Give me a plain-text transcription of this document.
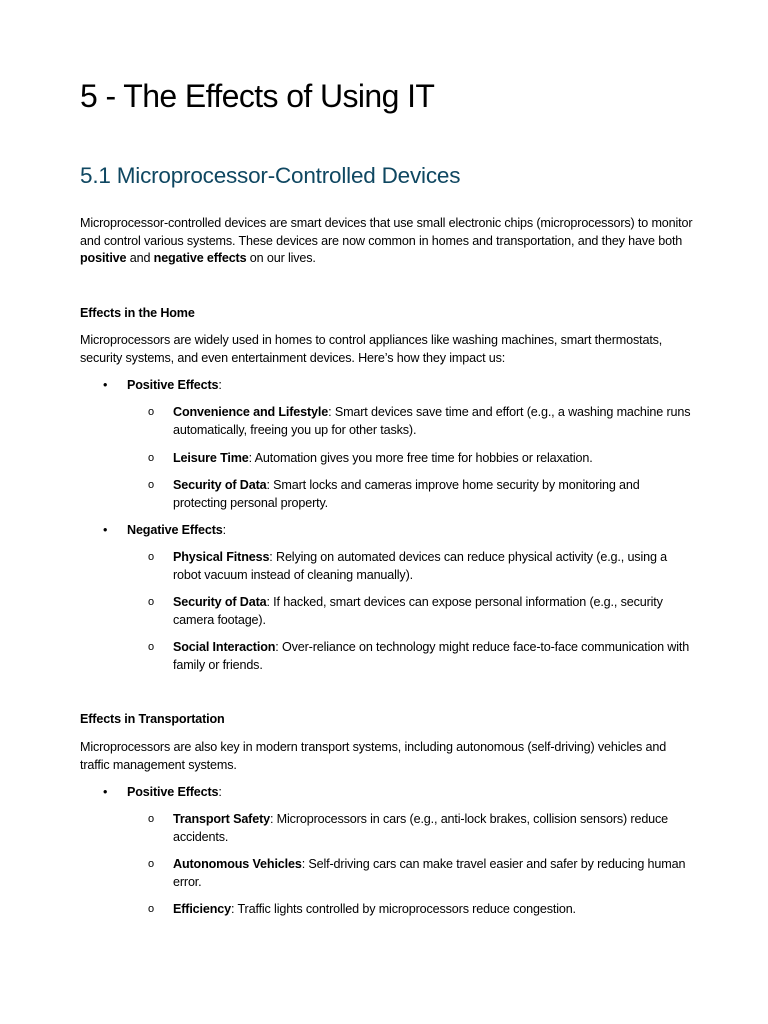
5 - The Effects of Using IT
5.1 Microprocessor-Controlled Devices

Microprocessor-controlled devices are smart devices that use small electronic chips (microprocessors) to monitor and control various systems. These devices are now common in homes and transportation, and they have both positive and negative effects on our lives.

Effects in the Home

Microprocessors are widely used in homes to control appliances like washing machines, smart thermostats, security systems, and even entertainment devices. Here’s how they impact us:

•	Positive Effects:
o Convenience and Lifestyle: Smart devices save time and effort (e.g., a washing machine runs automatically, freeing you up for other tasks).
o Leisure Time: Automation gives you more free time for hobbies or relaxation.
o Security of Data: Smart locks and cameras improve home security by monitoring and protecting personal property.
•	Negative Effects:
o Physical Fitness: Relying on automated devices can reduce physical activity (e.g., using a robot vacuum instead of cleaning manually).
o Security of Data: If hacked, smart devices can expose personal information (e.g., security camera footage).
o Social Interaction: Over-reliance on technology might reduce face-to-face communication with family or friends.

Effects in Transportation

Microprocessors are also key in modern transport systems, including autonomous (self-driving) vehicles and traffic management systems.

•	Positive Effects:
o Transport Safety: Microprocessors in cars (e.g., anti-lock brakes, collision sensors) reduce accidents.
o Autonomous Vehicles: Self-driving cars can make travel easier and safer by reducing human error.
o Efficiency: Traffic lights controlled by microprocessors reduce congestion.
